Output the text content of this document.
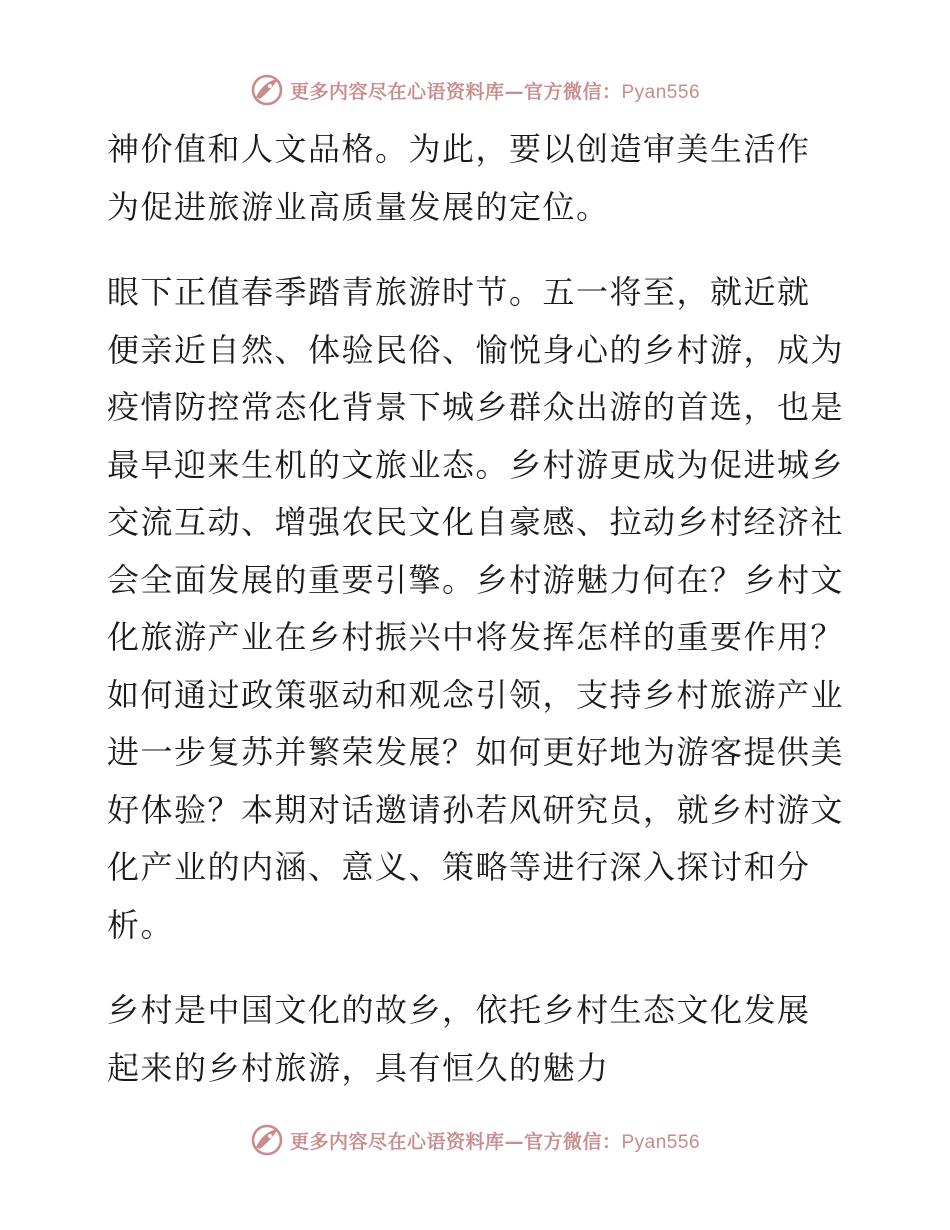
更多内容尽在心语资料库—官方微信：Pyan556

神价值和人文品格。为此，要以创造审美生活作
为促进旅游业高质量发展的定位。

眼下正值春季踏青旅游时节。五一将至，就近就
便亲近自然、体验民俗、愉悦身心的乡村游，成为
疫情防控常态化背景下城乡群众出游的首选，也是
最早迎来生机的文旅业态。乡村游更成为促进城乡
交流互动、增强农民文化自豪感、拉动乡村经济社
会全面发展的重要引擎。乡村游魅力何在？乡村文
化旅游产业在乡村振兴中将发挥怎样的重要作用？
如何通过政策驱动和观念引领，支持乡村旅游产业
进一步复苏并繁荣发展？如何更好地为游客提供美
好体验？本期对话邀请孙若风研究员，就乡村游文
化产业的内涵、意义、策略等进行深入探讨和分
析。

乡村是中国文化的故乡，依托乡村生态文化发展
起来的乡村旅游，具有恒久的魅力

更多内容尽在心语资料库—官方微信：Pyan556
